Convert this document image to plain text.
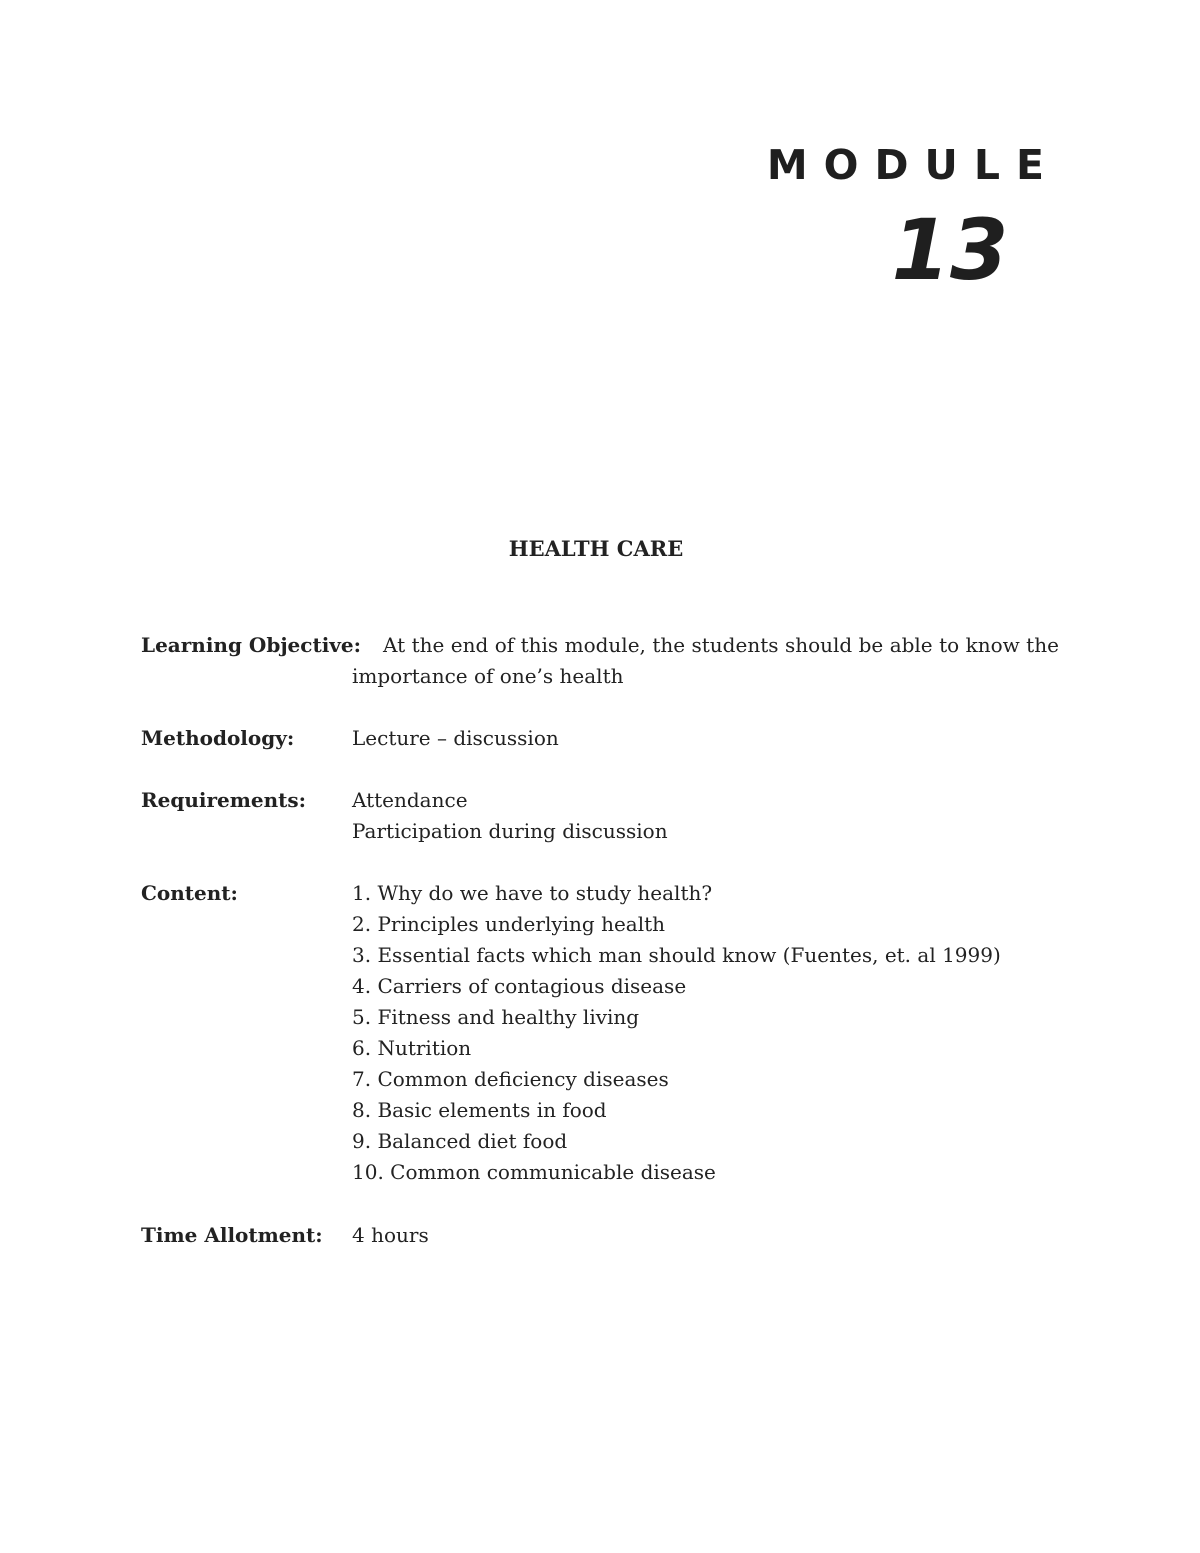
MODULE
13
HEALTH CARE
Learning Objective: At the end of this module, the students should be able to know the
importance of one’s health
Methodology:	Lecture – discussion
Requirements: Attendance
Participation during discussion
Content:	1. Why do we have to study health?
2. Principles underlying health
3. Essential facts which man should know (Fuentes, et. al 1999)
4. Carriers of contagious disease
5. Fitness and healthy living
6. Nutrition
7. Common deficiency diseases
8. Basic elements in food
9. Balanced diet food
10. Common communicable disease
Time Allotment: 4 hours
